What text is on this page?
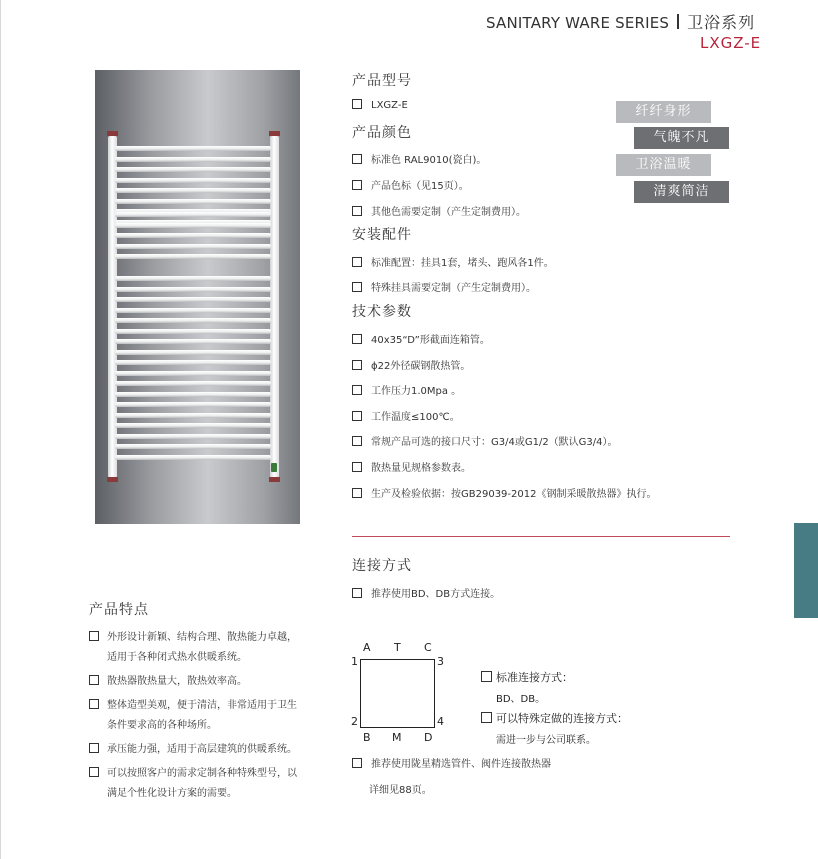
SANITARY WARE SERIES 卫浴系列
LXGZ-E
产品型号
LXGZ-E
产品颜色
标准色 RAL9010(瓷白)。
产品色标（见15页）。
其他色需要定制（产生定制费用）。
纤纤身形
气魄不凡
卫浴温暖
清爽简洁
安装配件
标准配置：挂具1套，堵头、跑风各1件。
特殊挂具需要定制（产生定制费用）。
技术参数
40x35“D”形截面连箱管。
ϕ22外径碳钢散热管。
工作压力1.0Mpa 。
工作温度≤100℃。
常规产品可选的接口尺寸：G3/4或G1/2（默认G3/4）。
散热量见规格参数表。
生产及检验依据：按GB29039-2012《钢制采暖散热器》执行。
连接方式
推荐使用BD、DB方式连接。
A T C
1
2
3
4
B M D
标准连接方式：
BD、DB。
可以特殊定做的连接方式：
需进一步与公司联系。
推荐使用陇星精选管件、阀件连接散热器
详细见88页。
产品特点
外形设计新颖、结构合理、散热能力卓越，
适用于各种闭式热水供暖系统。
散热器散热量大，散热效率高。
整体造型美观，便于清洁，非常适用于卫生
条件要求高的各种场所。
承压能力强，适用于高层建筑的供暖系统。
可以按照客户的需求定制各种特殊型号，以
满足个性化设计方案的需要。
